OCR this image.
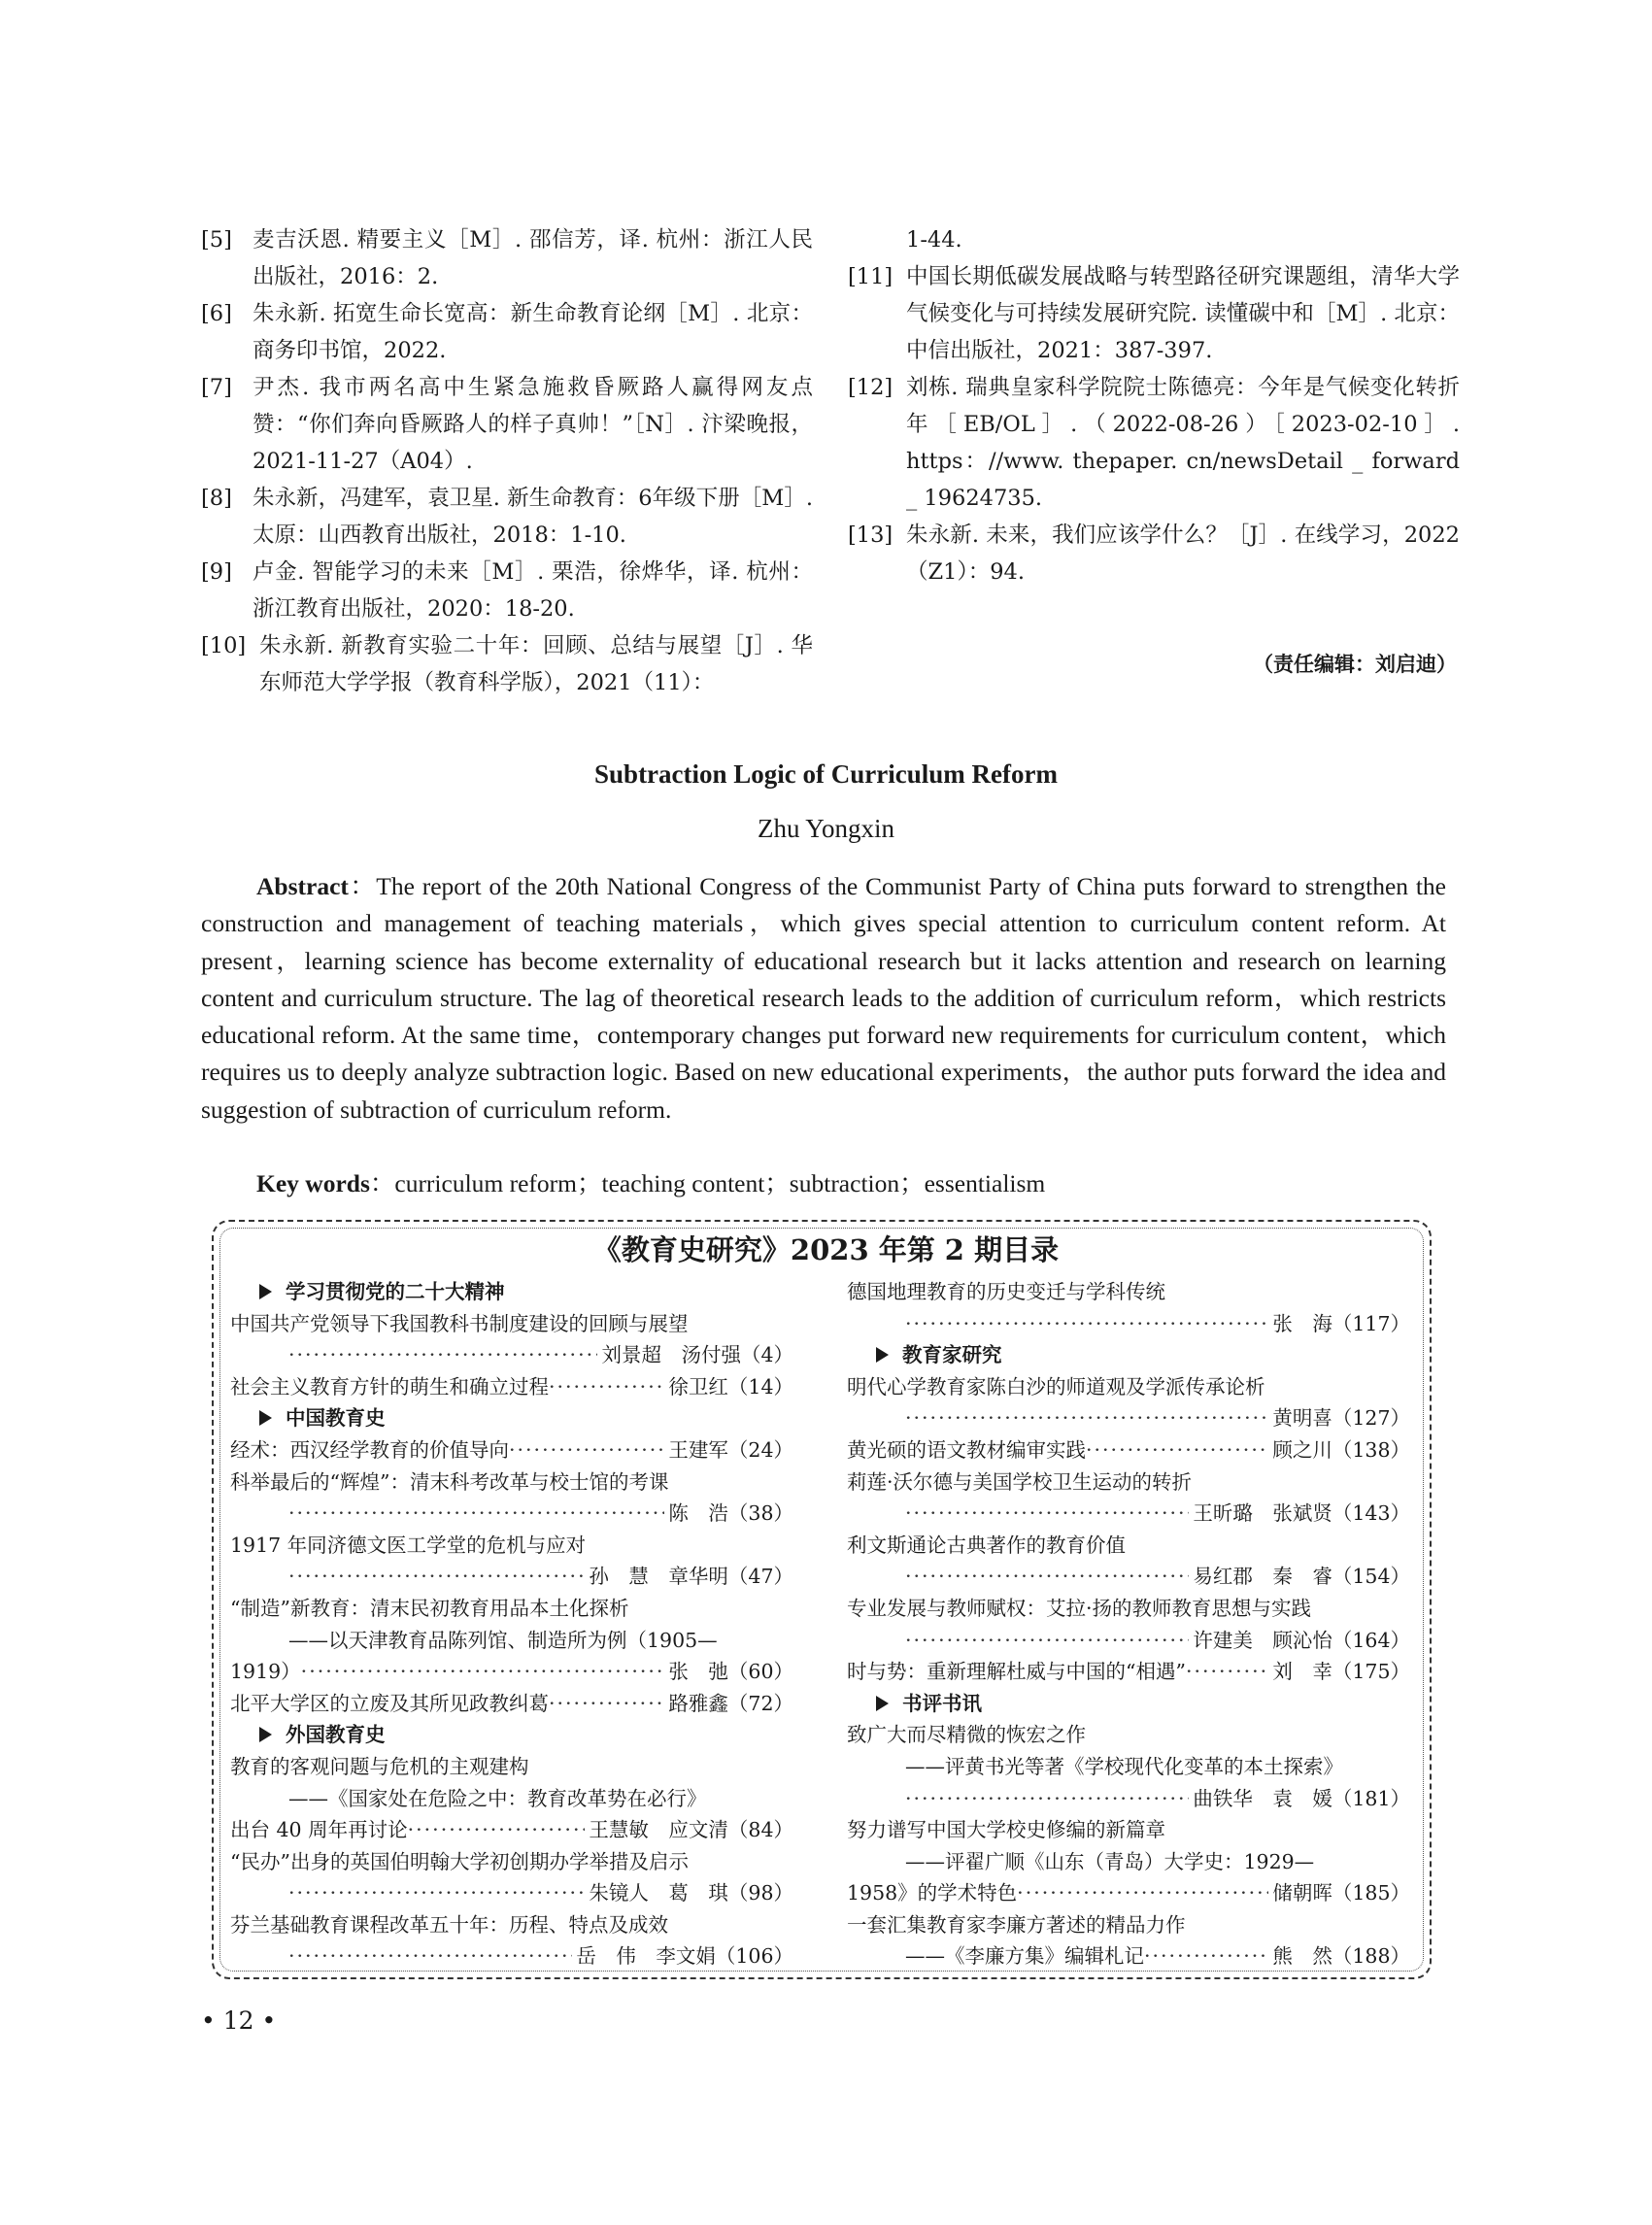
[5] 麦吉沃恩. 精要主义［M］. 邵信芳，译. 杭州：浙江人民出版社，2016：2.

[6] 朱永新. 拓宽生命长宽高：新生命教育论纲［M］. 北京：商务印书馆，2022.

[7] 尹杰. 我市两名高中生紧急施救昏厥路人赢得网友点赞：“你们奔向昏厥路人的样子真帅！”［N］. 汴梁晚报，2021-11-27（A04）.

[8] 朱永新，冯建军，袁卫星. 新生命教育：6年级下册［M］. 太原：山西教育出版社，2018：1-10.

[9] 卢金. 智能学习的未来［M］. 栗浩，徐烨华，译. 杭州：浙江教育出版社，2020：18-20.

[10] 朱永新. 新教育实验二十年：回顾、总结与展望［J］. 华东师范大学学报（教育科学版），2021（11）：

1-44.

[11] 中国长期低碳发展战略与转型路径研究课题组，清华大学气候变化与可持续发展研究院. 读懂碳中和［M］. 北京：中信出版社，2021：387-397.

[12] 刘栋. 瑞典皇家科学院院士陈德亮：今年是气候变化转折年［EB/OL］.（2022-08-26）［2023-02-10］. https：//www. thepaper. cn/newsDetail _ forward _ 19624735.

[13] 朱永新. 未来，我们应该学什么？［J］. 在线学习，2022（Z1）：94.

（责任编辑：刘启迪）
Subtraction Logic of Curriculum Reform
Zhu Yongxin

Abstract：The report of the 20th National Congress of the Communist Party of China puts forward to strengthen the construction and management of teaching materials，which gives special attention to curriculum content reform. At present，learning science has become externality of educational research but it lacks attention and research on learning content and curriculum structure. The lag of theoretical research leads to the addition of curriculum reform，which restricts educational reform. At the same time，contemporary changes put forward new requirements for curriculum content，which requires us to deeply analyze subtraction logic. Based on new educational experiments，the author puts forward the idea and suggestion of subtraction of curriculum reform.

Key words：curriculum reform；teaching content；subtraction；essentialism

《教育史研究》2023 年第 2 期目录
学习贯彻党的二十大精神
中国共产党领导下我国教科书制度建设的回顾与展望
·····
刘景超　汤付强（4）
社会主义教育方针的萌生和确立过程 ·····	徐卫红（14）
中国教育史
经术：西汉经学教育的价值导向 ·····	王建军（24）
科举最后的“辉煌”：清末科考改革与校士馆的考课
·····
陈　浩（38）
1917 年同济德文医工学堂的危机与应对
·····
孙　慧　章华明（47）
“制造”新教育：清末民初教育用品本土化探析
——以天津教育品陈列馆、制造所为例（1905—
1919） ·····	张　弛（60）
北平大学区的立废及其所见政教纠葛 ·····	路雅鑫（72）
外国教育史
教育的客观问题与危机的主观建构
——《国家处在危险之中：教育改革势在必行》
出台 40 周年再讨论 ·····	王慧敏　应文清（84）
“民办”出身的英国伯明翰大学初创期办学举措及启示
·····
朱镜人　葛　琪（98）
芬兰基础教育课程改革五十年：历程、特点及成效
·····
岳　伟　李文娟（106）
德国地理教育的历史变迁与学科传统
·····
张　海（117）
教育家研究
明代心学教育家陈白沙的师道观及学派传承论析
·····
黄明喜（127）
黄光硕的语文教材编审实践 ·····	顾之川（138）
莉莲·沃尔德与美国学校卫生运动的转折
·····
王昕璐　张斌贤（143）
利文斯通论古典著作的教育价值
·····
易红郡　秦　睿（154）
专业发展与教师赋权：艾拉·扬的教师教育思想与实践
·····
许建美　顾沁怡（164）
时与势：重新理解杜威与中国的“相遇” ·····	刘　幸（175）
书评书讯
致广大而尽精微的恢宏之作
——评黄书光等著《学校现代化变革的本土探索》
·····
曲铁华　袁　媛（181）
努力谱写中国大学校史修编的新篇章
——评翟广顺《山东（青岛）大学史：1929—
1958》的学术特色 ·····	储朝晖（185）
一套汇集教育家李廉方著述的精品力作
——《李廉方集》编辑札记 ·····	熊　然（188）
• 12 •
